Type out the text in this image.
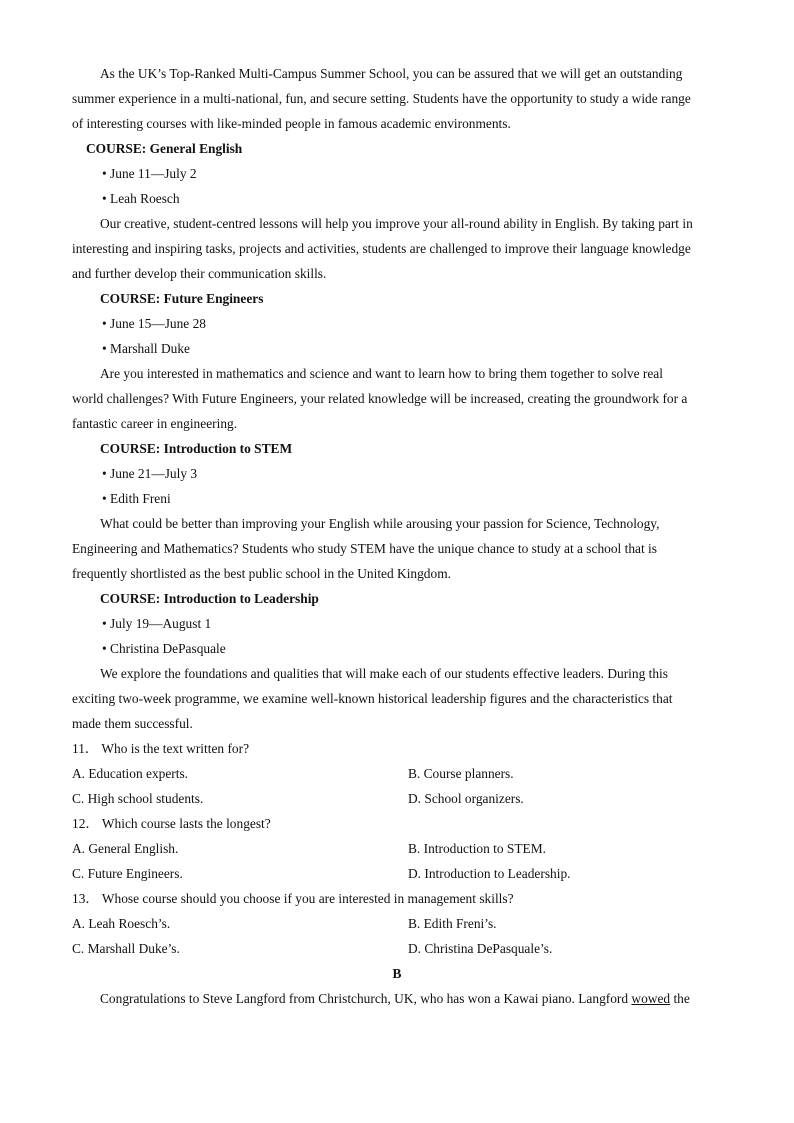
As the UK’s Top-Ranked Multi-Campus Summer School, you can be assured that we will get an outstanding
summer experience in a multi-national, fun, and secure setting. Students have the opportunity to study a wide range
of interesting courses with like-minded people in famous academic environments.
COURSE: General English
• June 11—July 2
• Leah Roesch
Our creative, student-centred lessons will help you improve your all-round ability in English. By taking part in
interesting and inspiring tasks, projects and activities, students are challenged to improve their language knowledge
and further develop their communication skills.
COURSE: Future Engineers
• June 15—June 28
• Marshall Duke
Are you interested in mathematics and science and want to learn how to bring them together to solve real
world challenges? With Future Engineers, your related knowledge will be increased, creating the groundwork for a
fantastic career in engineering.
COURSE: Introduction to STEM
• June 21—July 3
• Edith Freni
What could be better than improving your English while arousing your passion for Science, Technology,
Engineering and Mathematics? Students who study STEM have the unique chance to study at a school that is
frequently shortlisted as the best public school in the United Kingdom.
COURSE: Introduction to Leadership
• July 19—August 1
• Christina DePasquale
We explore the foundations and qualities that will make each of our students effective leaders. During this
exciting two-week programme, we examine well-known historical leadership figures and the characteristics that
made them successful.
11． Who is the text written for?
A. Education experts.	B. Course planners.
C. High school students.	D. School organizers.
12． Which course lasts the longest?
A. General English.	B. Introduction to STEM.
C. Future Engineers.	D. Introduction to Leadership.
13． Whose course should you choose if you are interested in management skills?
A. Leah Roesch’s.	B. Edith Freni’s.
C. Marshall Duke’s.	D. Christina DePasquale’s.
B
Congratulations to Steve Langford from Christchurch, UK, who has won a Kawai piano. Langford wowed the
